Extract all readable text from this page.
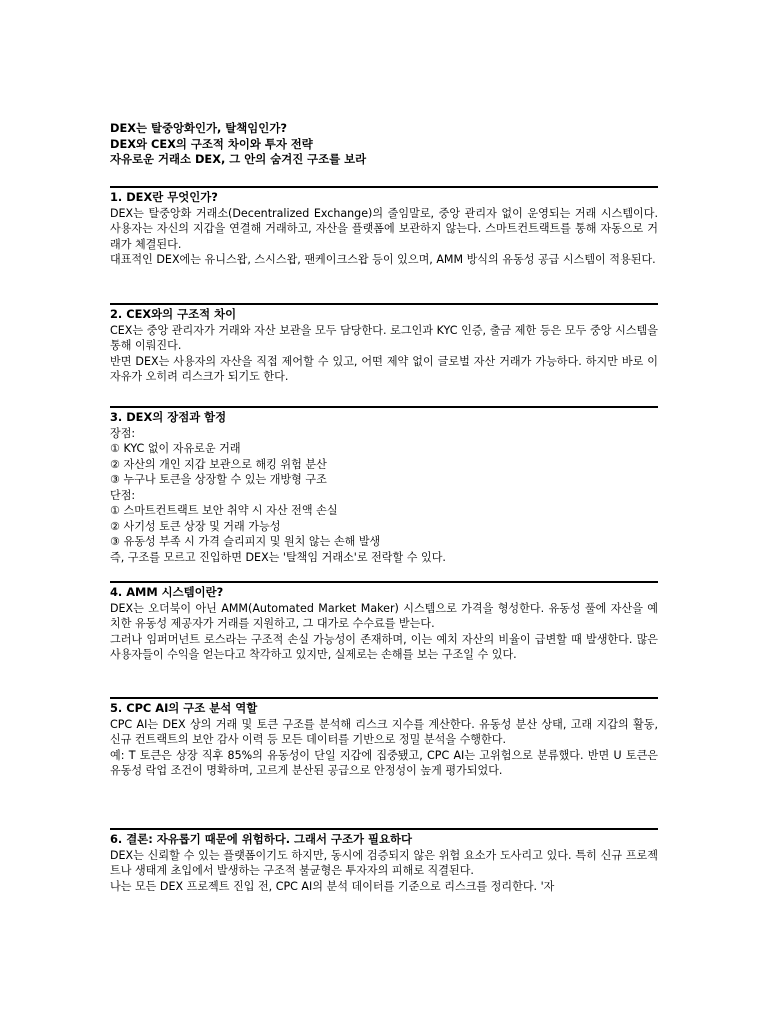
DEX는 탈중앙화인가, 탈책임인가?
DEX와 CEX의 구조적 차이와 투자 전략
자유로운 거래소 DEX, 그 안의 숨겨진 구조를 보라
1. DEX란 무엇인가?

DEX는 탈중앙화 거래소(Decentralized Exchange)의 줄임말로, 중앙 관리자 없이 운영되는 거래 시스템이다. 사용자는 자신의 지갑을 연결해 거래하고, 자산을 플랫폼에 보관하지 않는다. 스마트컨트랙트를 통해 자동으로 거래가 체결된다.

대표적인 DEX에는 유니스왑, 스시스왑, 팬케이크스왑 등이 있으며, AMM 방식의 유동성 공급 시스템이 적용된다.

2. CEX와의 구조적 차이

CEX는 중앙 관리자가 거래와 자산 보관을 모두 담당한다. 로그인과 KYC 인증, 출금 제한 등은 모두 중앙 시스템을 통해 이뤄진다.

반면 DEX는 사용자의 자산을 직접 제어할 수 있고, 어떤 제약 없이 글로벌 자산 거래가 가능하다. 하지만 바로 이 자유가 오히려 리스크가 되기도 한다.

3. DEX의 장점과 함정

장점:

① KYC 없이 자유로운 거래

② 자산의 개인 지갑 보관으로 해킹 위험 분산

③ 누구나 토큰을 상장할 수 있는 개방형 구조

단점:

① 스마트컨트랙트 보안 취약 시 자산 전액 손실

② 사기성 토큰 상장 및 거래 가능성

③ 유동성 부족 시 가격 슬리피지 및 원치 않는 손해 발생

즉, 구조를 모르고 진입하면 DEX는 '탈책임 거래소'로 전락할 수 있다.

4. AMM 시스템이란?

DEX는 오더북이 아닌 AMM(Automated Market Maker) 시스템으로 가격을 형성한다. 유동성 풀에 자산을 예치한 유동성 제공자가 거래를 지원하고, 그 대가로 수수료를 받는다.

그러나 임퍼머넌트 로스라는 구조적 손실 가능성이 존재하며, 이는 예치 자산의 비율이 급변할 때 발생한다. 많은 사용자들이 수익을 얻는다고 착각하고 있지만, 실제로는 손해를 보는 구조일 수 있다.

5. CPC AI의 구조 분석 역할

CPC AI는 DEX 상의 거래 및 토큰 구조를 분석해 리스크 지수를 계산한다. 유동성 분산 상태, 고래 지갑의 활동, 신규 컨트랙트의 보안 감사 이력 등 모든 데이터를 기반으로 정밀 분석을 수행한다.

예: T 토큰은 상장 직후 85%의 유동성이 단일 지갑에 집중됐고, CPC AI는 고위험으로 분류했다. 반면 U 토큰은 유동성 락업 조건이 명확하며, 고르게 분산된 공급으로 안정성이 높게 평가되었다.

6. 결론: 자유롭기 때문에 위험하다. 그래서 구조가 필요하다

DEX는 신뢰할 수 있는 플랫폼이기도 하지만, 동시에 검증되지 않은 위험 요소가 도사리고 있다. 특히 신규 프로젝트나 생태계 초입에서 발생하는 구조적 불균형은 투자자의 피해로 직결된다.

나는 모든 DEX 프로젝트 진입 전, CPC AI의 분석 데이터를 기준으로 리스크를 정리한다. '자
